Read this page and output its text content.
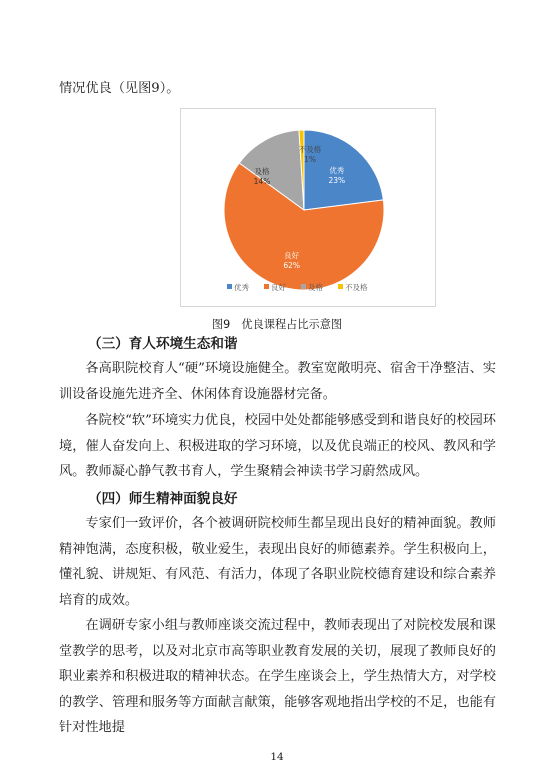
情况优良（见图9）。

优秀
23%
良好
62%
及格
14%
不及格
1%
优秀	良好	及格	不及格
图9　优良课程占比示意图

（三）育人环境生态和谐

各高职院校育人“硬”环境设施健全。教室宽敞明亮、宿舍干净整洁、实训设备设施先进齐全、休闲体育设施器材完备。

各院校“软”环境实力优良，校园中处处都能够感受到和谐良好的校园环境，催人奋发向上、积极进取的学习环境，以及优良端正的校风、教风和学风。教师凝心静气教书育人，学生聚精会神读书学习蔚然成风。

（四）师生精神面貌良好

专家们一致评价，各个被调研院校师生都呈现出良好的精神面貌。教师精神饱满，态度积极，敬业爱生，表现出良好的师德素养。学生积极向上，懂礼貌、讲规矩、有风范、有活力，体现了各职业院校德育建设和综合素养培育的成效。

在调研专家小组与教师座谈交流过程中，教师表现出了对院校发展和课堂教学的思考，以及对北京市高等职业教育发展的关切，展现了教师良好的职业素养和积极进取的精神状态。在学生座谈会上，学生热情大方，对学校的教学、管理和服务等方面献言献策，能够客观地指出学校的不足，也能有针对性地提

14
